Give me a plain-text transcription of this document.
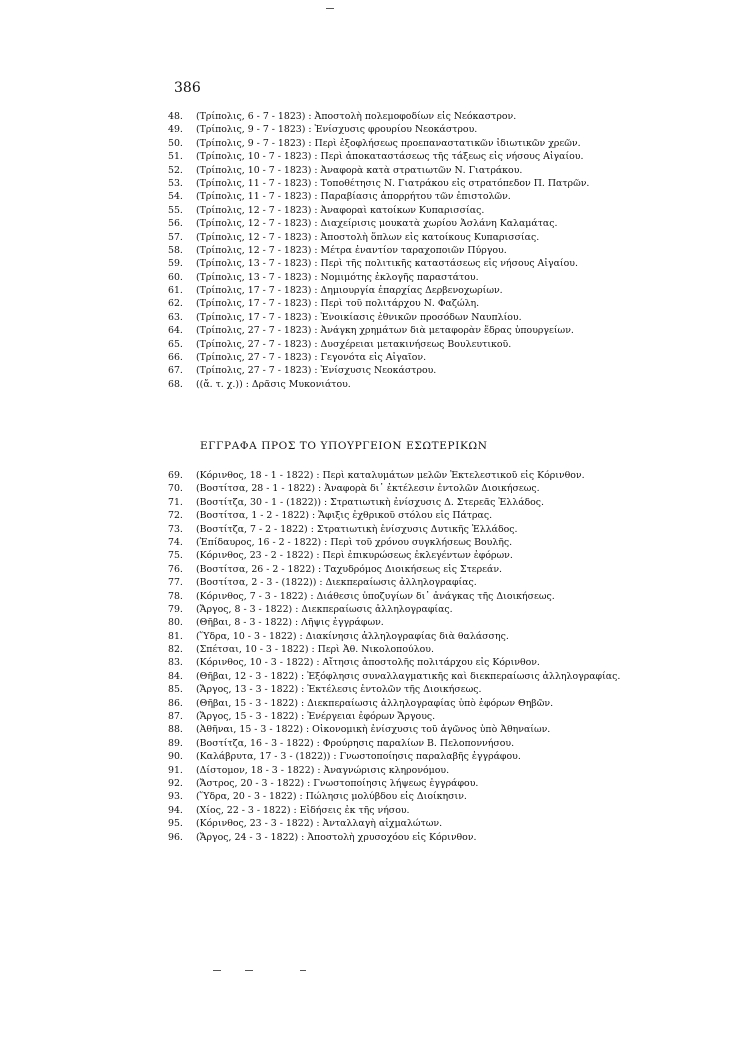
386
48. (Τρίπολις, 6 - 7 - 1823) : Ἀποστολὴ πολεμοφοδίων εἰς Νεόκαστρον.
49. (Τρίπολις, 9 - 7 - 1823) : Ἐνίσχυσις φρουρίου Νεοκάστρου.
50. (Τρίπολις, 9 - 7 - 1823) : Περὶ ἐξοφλήσεως προεπαναστατικῶν ἰδιωτικῶν χρεῶν.
51. (Τρίπολις, 10 - 7 - 1823) : Περὶ ἀποκαταστάσεως τῆς τάξεως εἰς νήσους Αἰγαίου.
52. (Τρίπολις, 10 - 7 - 1823) : Ἀναφορὰ κατὰ στρατιωτῶν Ν. Γιατράκου.
53. (Τρίπολις, 11 - 7 - 1823) : Τοποθέτησις Ν. Γιατράκου εἰς στρατόπεδον Π. Πατρῶν.
54. (Τρίπολις, 11 - 7 - 1823) : Παραβίασις ἀπορρήτου τῶν ἐπιστολῶν.
55. (Τρίπολις, 12 - 7 - 1823) : Ἀναφοραὶ κατοίκων Κυπαρισσίας.
56. (Τρίπολις, 12 - 7 - 1823) : Διαχείρισις μουκατὰ χωρίου Ἀσλάνη Καλαμάτας.
57. (Τρίπολις, 12 - 7 - 1823) : Ἀποστολὴ ὅπλων εἰς κατοίκους Κυπαρισσίας.
58. (Τρίπολις, 12 - 7 - 1823) : Μέτρα ἐναντίον ταραχοποιῶν Πύργου.
59. (Τρίπολις, 13 - 7 - 1823) : Περὶ τῆς πολιτικῆς καταστάσεως εἰς νήσους Αἰγαίου.
60. (Τρίπολις, 13 - 7 - 1823) : Νομιμότης ἐκλογῆς παραστάτου.
61. (Τρίπολις, 17 - 7 - 1823) : Δημιουργία ἐπαρχίας Δερβενοχωρίων.
62. (Τρίπολις, 17 - 7 - 1823) : Περὶ τοῦ πολιτάρχου Ν. Φαζώλη.
63. (Τρίπολις, 17 - 7 - 1823) : Ἐνοικίασις ἐθνικῶν προσόδων Ναυπλίου.
64. (Τρίπολις, 27 - 7 - 1823) : Ἀνάγκη χρημάτων διὰ μεταφορὰν ἕδρας ὑπουργείων.
65. (Τρίπολις, 27 - 7 - 1823) : Δυσχέρειαι μετακινήσεως Βουλευτικοῦ.
66. (Τρίπολις, 27 - 7 - 1823) : Γεγονότα εἰς Αἰγαῖον.
67. (Τρίπολις, 27 - 7 - 1823) : Ἐνίσχυσις Νεοκάστρου.
68. ((ἄ. τ. χ.)) : Δρᾶσις Μυκονιάτου.
ΕΓΓΡΑΦΑ ΠΡΟΣ ΤΟ ΥΠΟΥΡΓΕΙΟΝ ΕΣΩΤΕΡΙΚΩΝ
69. (Κόρινθος, 18 - 1 - 1822) : Περὶ καταλυμάτων μελῶν Ἐκτελεστικοῦ εἰς Κόρινθον.
70. (Βοστίτσα, 28 - 1 - 1822) : Ἀναφορὰ δι᾿ ἐκτέλεσιν ἐντολῶν Διοικήσεως.
71. (Βοστίτζα, 30 - 1 - (1822)) : Στρατιωτικὴ ἐνίσχυσις Δ. Στερεᾶς Ἑλλάδος.
72. (Βοστίτσα, 1 - 2 - 1822) : Ἄφιξις ἐχθρικοῦ στόλου εἰς Πάτρας.
73. (Βοστίτζα, 7 - 2 - 1822) : Στρατιωτικὴ ἐνίσχυσις Δυτικῆς Ἑλλάδος.
74. (Ἐπίδαυρος, 16 - 2 - 1822) : Περὶ τοῦ χρόνου συγκλήσεως Βουλῆς.
75. (Κόρινθος, 23 - 2 - 1822) : Περὶ ἐπικυρώσεως ἐκλεγέντων ἐφόρων.
76. (Βοστίτσα, 26 - 2 - 1822) : Ταχυδρόμος Διοικήσεως εἰς Στερεάν.
77. (Βοστίτσα, 2 - 3 - (1822)) : Διεκπεραίωσις ἀλληλογραφίας.
78. (Κόρινθος, 7 - 3 - 1822) : Διάθεσις ὑποζυγίων δι᾿ ἀνάγκας τῆς Διοικήσεως.
79. (Ἄργος, 8 - 3 - 1822) : Διεκπεραίωσις ἀλληλογραφίας.
80. (Θῆβαι, 8 - 3 - 1822) : Λῆψις ἐγγράφων.
81. (Ὕδρα, 10 - 3 - 1822) : Διακίνησις ἀλληλογραφίας διὰ θαλάσσης.
82. (Σπέτσαι, 10 - 3 - 1822) : Περὶ Ἀθ. Νικολοπούλου.
83. (Κόρινθος, 10 - 3 - 1822) : Αἴτησις ἀποστολῆς πολιτάρχου εἰς Κόρινθον.
84. (Θῆβαι, 12 - 3 - 1822) : Ἐξόφλησις συναλλαγματικῆς καὶ διεκπεραίωσις ἀλληλογραφίας.
85. (Ἄργος, 13 - 3 - 1822) : Ἐκτέλεσις ἐντολῶν τῆς Διοικήσεως.
86. (Θῆβαι, 15 - 3 - 1822) : Διεκπεραίωσις ἀλληλογραφίας ὑπὸ ἐφόρων Θηβῶν.
87. (Ἄργος, 15 - 3 - 1822) : Ἐνέργειαι ἐφόρων Ἄργους.
88. (Ἀθῆναι, 15 - 3 - 1822) : Οἰκονομικὴ ἐνίσχυσις τοῦ ἀγῶνος ὑπὸ Ἀθηναίων.
89. (Βοστίτζα, 16 - 3 - 1822) : Φρούρησις παραλίων Β. Πελοποννήσου.
90. (Καλάβρυτα, 17 - 3 - (1822)) : Γνωστοποίησις παραλαβῆς ἐγγράφου.
91. (Δίστομον, 18 - 3 - 1822) : Ἀναγνώρισις κληρονόμου.
92. (Ἄστρος, 20 - 3 - 1822) : Γνωστοποίησις λήψεως ἐγγράφου.
93. (Ὕδρα, 20 - 3 - 1822) : Πώλησις μολύβδου εἰς Διοίκησιν.
94. (Χίος, 22 - 3 - 1822) : Εἰδήσεις ἐκ τῆς νήσου.
95. (Κόρινθος, 23 - 3 - 1822) : Ἀνταλλαγὴ αἰχμαλώτων.
96. (Ἄργος, 24 - 3 - 1822) : Ἀποστολὴ χρυσοχόου εἰς Κόρινθον.
